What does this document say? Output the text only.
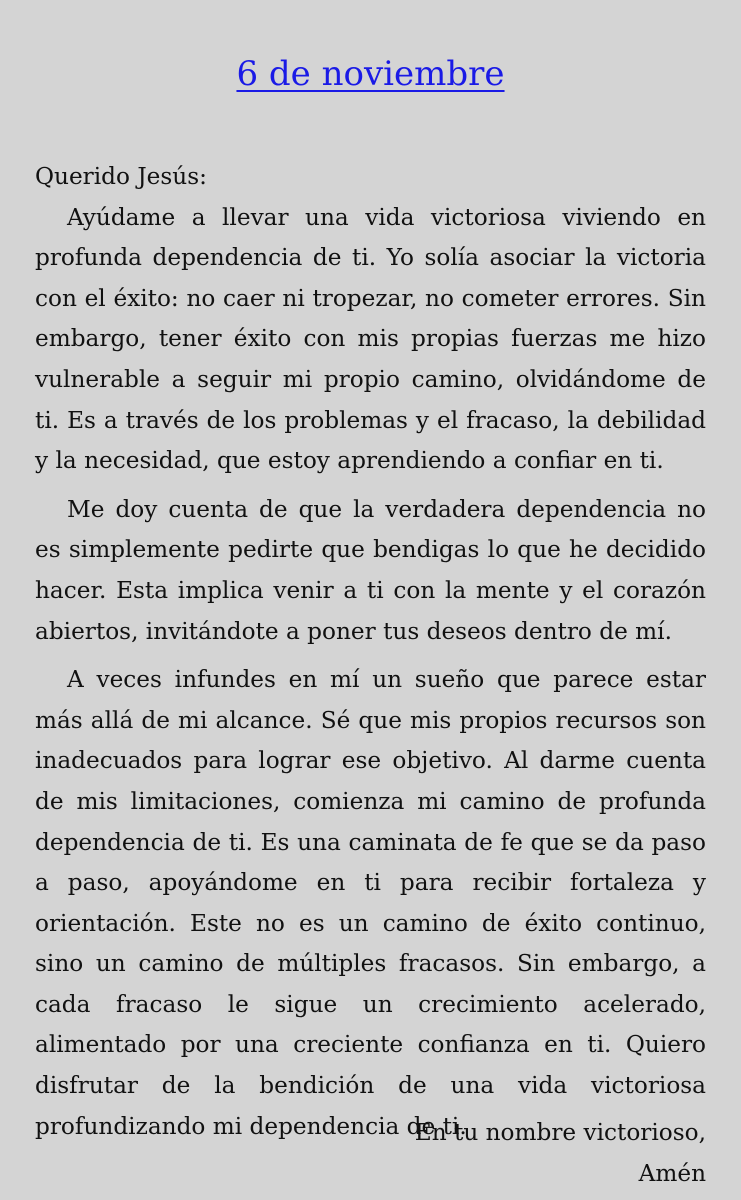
6 de noviembre

Querido Jesús:

Ayúdame a llevar una vida victoriosa viviendo en profunda dependencia de ti. Yo solía asociar la victoria con el éxito: no caer ni tropezar, no cometer errores. Sin embargo, tener éxito con mis propias fuerzas me hizo vulnerable a seguir mi propio camino, olvidándome de ti. Es a través de los problemas y el fracaso, la debilidad y la necesidad, que estoy aprendiendo a confiar en ti.

Me doy cuenta de que la verdadera dependencia no es simplemente pedirte que bendigas lo que he decidido hacer. Esta implica venir a ti con la mente y el corazón abiertos, invitándote a poner tus deseos dentro de mí.

A veces infundes en mí un sueño que parece estar más allá de mi alcance. Sé que mis propios recursos son inadecuados para lograr ese objetivo. Al darme cuenta de mis limitaciones, comienza mi camino de profunda dependencia de ti. Es una caminata de fe que se da paso a paso, apoyándome en ti para recibir fortaleza y orientación. Este no es un camino de éxito continuo, sino un camino de múltiples fracasos. Sin embargo, a cada fracaso le sigue un crecimiento acelerado, alimentado por una creciente confianza en ti. Quiero disfrutar de la bendición de una vida victoriosa profundizando mi dependencia de ti.

En tu nombre victorioso,
Amén
